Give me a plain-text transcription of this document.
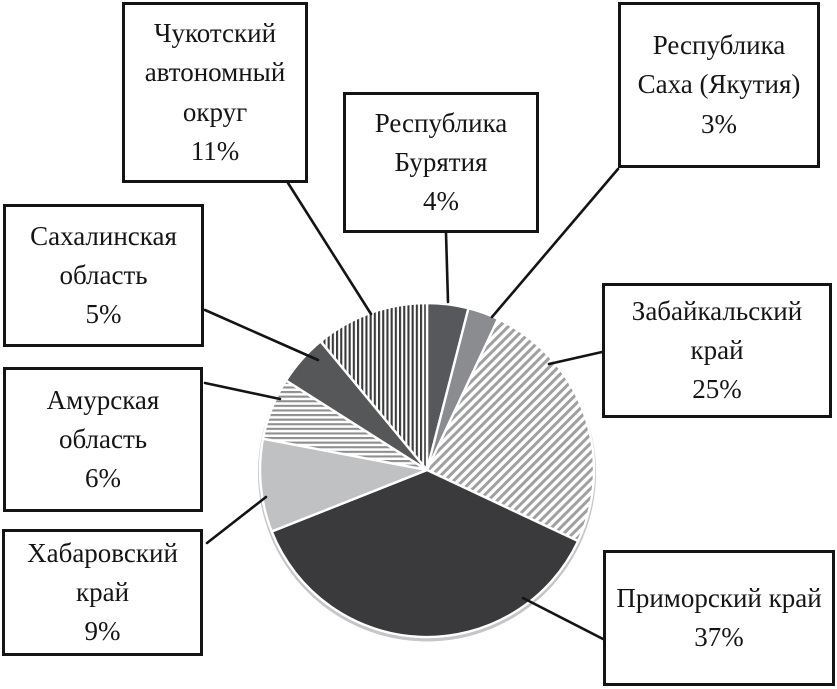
Чукотский автономный округ
11%
Республика Бурятия
4%
Республика Саха (Якутия)
3%
Забайкальский край
25%
Сахалинская область
5%
Амурская область
6%
Хабаровский край
9%
Приморский край
37%
